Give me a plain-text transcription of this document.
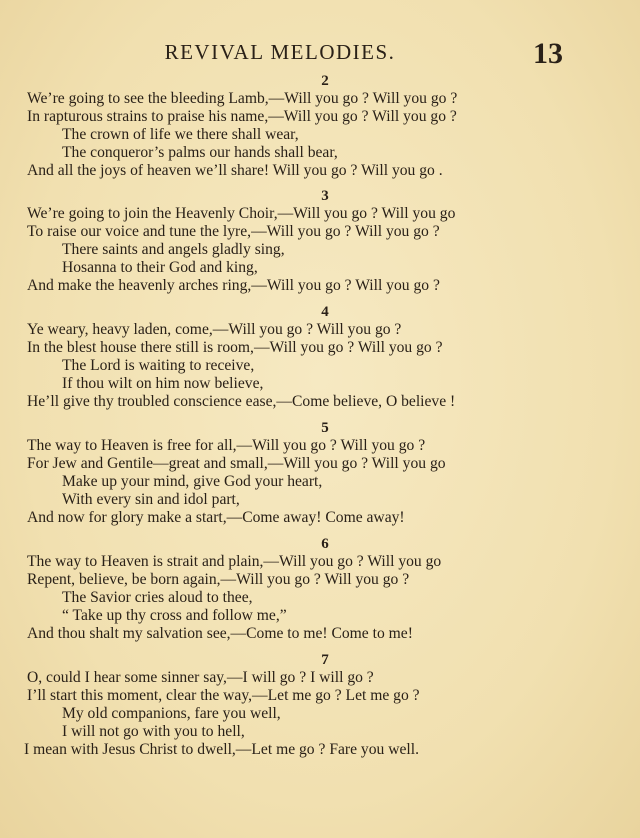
REVIVAL MELODIES.	13
2
We’re going to see the bleeding Lamb,—Will you go ? Will you go ?
In rapturous strains to praise his name,—Will you go ? Will you go ?
The crown of life we there shall wear,
The conqueror’s palms our hands shall bear,
And all the joys of heaven we’ll share! Will you go ? Will you go .
3
We’re going to join the Heavenly Choir,—Will you go ? Will you go
To raise our voice and tune the lyre,—Will you go ? Will you go ?
There saints and angels gladly sing,
Hosanna to their God and king,
And make the heavenly arches ring,—Will you go ? Will you go ?
4
Ye weary, heavy laden, come,—Will you go ? Will you go ?
In the blest house there still is room,—Will you go ? Will you go ?
The Lord is waiting to receive,
If thou wilt on him now believe,
He’ll give thy troubled conscience ease,—Come believe, O believe !
5
The way to Heaven is free for all,—Will you go ? Will you go ?
For Jew and Gentile—great and small,—Will you go ? Will you go
Make up your mind, give God your heart,
With every sin and idol part,
And now for glory make a start,—Come away! Come away!
6
The way to Heaven is strait and plain,—Will you go ? Will you go
Repent, believe, be born again,—Will you go ? Will you go ?
The Savior cries aloud to thee,
“ Take up thy cross and follow me,”
And thou shalt my salvation see,—Come to me! Come to me!
7
O, could I hear some sinner say,—I will go ? I will go ?
I’ll start this moment, clear the way,—Let me go ? Let me go ?
My old companions, fare you well,
I will not go with you to hell,
I mean with Jesus Christ to dwell,—Let me go ? Fare you well.
